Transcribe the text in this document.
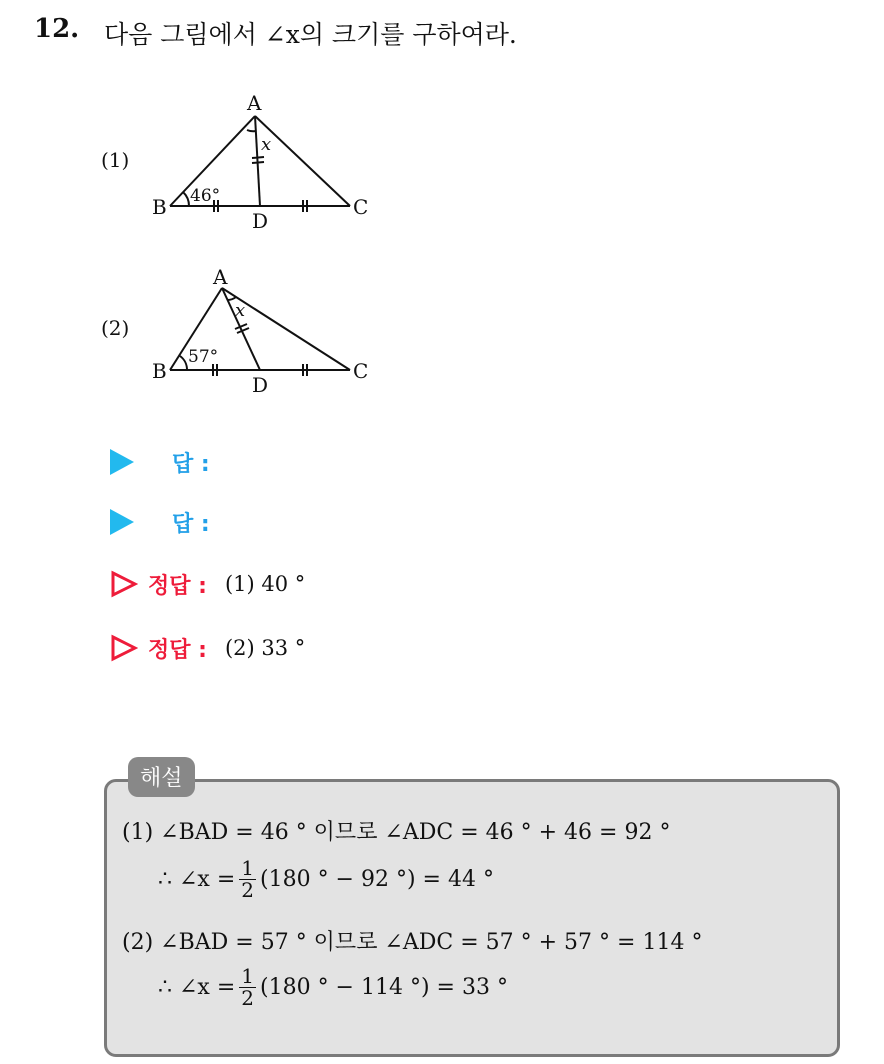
12. 다음 그림에서 ∠x의 크기를 구하여라.
(1)
A
B	C
D
46°
x
(2)
A
B	C
D
57°
x
답 :
답 :
정답 : (1) 40 °
정답 : (2) 33 °
해설
(1) ∠BAD = 46 ° 이므로 ∠ADC = 46 ° + 46 = 92 °
∴ ∠x = $\frac{1}{2} (180$ ° − 92 °) = 44 °
(2) ∠BAD = 57 ° 이므로 ∠ADC = 57 ° + 57 ° = 114 °
∴ ∠x = $\frac{1}{2} (180$ ° − 114 °) = 33 °
